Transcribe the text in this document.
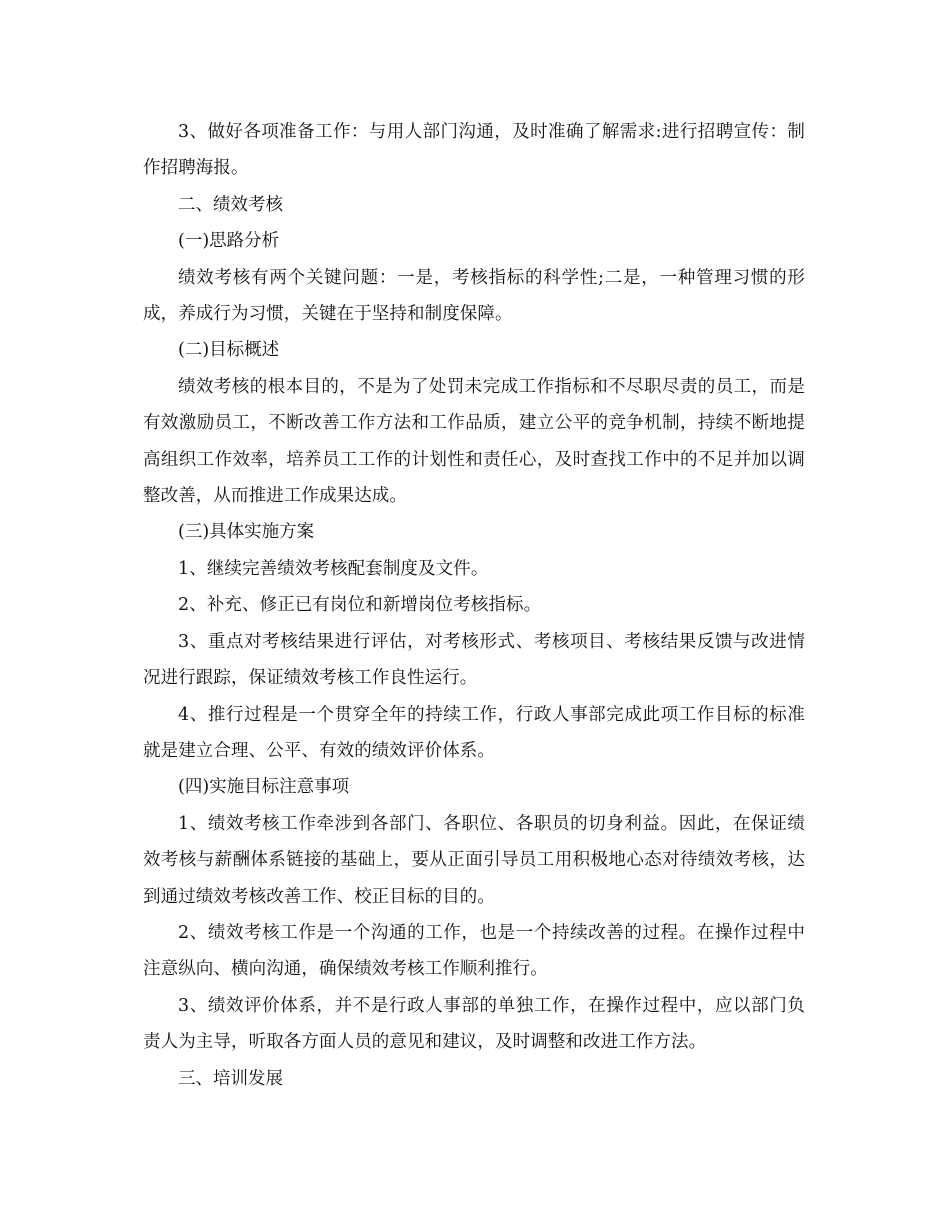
3、做好各项准备工作：与用人部门沟通，及时准确了解需求:进行招聘宣传：制作招聘海报。

二、绩效考核

(一)思路分析

绩效考核有两个关键问题：一是，考核指标的科学性;二是，一种管理习惯的形成，养成行为习惯，关键在于坚持和制度保障。

(二)目标概述

绩效考核的根本目的，不是为了处罚未完成工作指标和不尽职尽责的员工，而是有效激励员工，不断改善工作方法和工作品质，建立公平的竞争机制，持续不断地提高组织工作效率，培养员工工作的计划性和责任心，及时查找工作中的不足并加以调整改善，从而推进工作成果达成。

(三)具体实施方案

1、继续完善绩效考核配套制度及文件。

2、补充、修正已有岗位和新增岗位考核指标。

3、重点对考核结果进行评估，对考核形式、考核项目、考核结果反馈与改进情况进行跟踪，保证绩效考核工作良性运行。

4、推行过程是一个贯穿全年的持续工作，行政人事部完成此项工作目标的标准就是建立合理、公平、有效的绩效评价体系。

(四)实施目标注意事项

1、绩效考核工作牵涉到各部门、各职位、各职员的切身利益。因此，在保证绩效考核与薪酬体系链接的基础上，要从正面引导员工用积极地心态对待绩效考核，达到通过绩效考核改善工作、校正目标的目的。

2、绩效考核工作是一个沟通的工作，也是一个持续改善的过程。在操作过程中注意纵向、横向沟通，确保绩效考核工作顺利推行。

3、绩效评价体系，并不是行政人事部的单独工作，在操作过程中，应以部门负责人为主导，听取各方面人员的意见和建议，及时调整和改进工作方法。

三、培训发展
